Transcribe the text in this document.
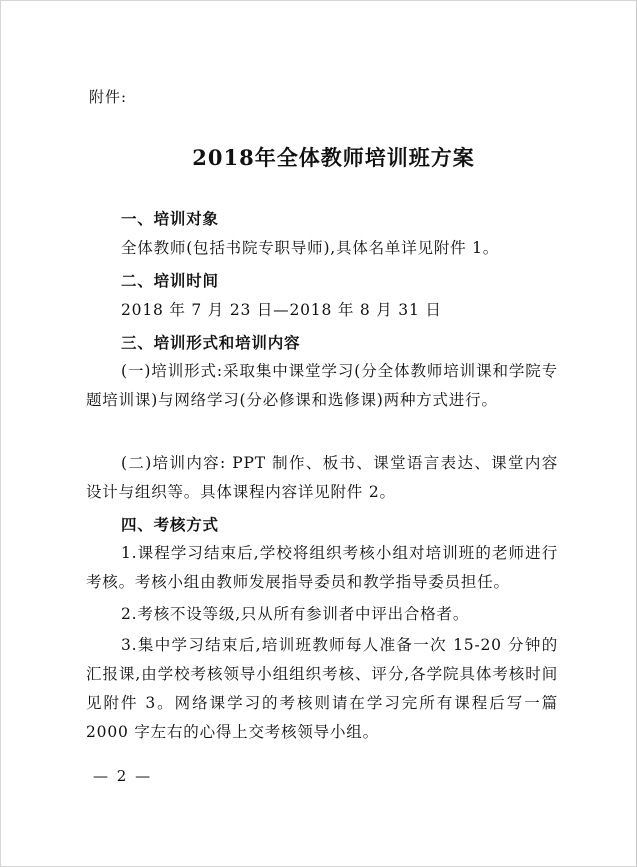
附件:
2018年全体教师培训班方案

一、培训对象

全体教师(包括书院专职导师),具体名单详见附件 1。

二、培训时间

2018 年 7 月 23 日—2018 年 8 月 31 日

三、培训形式和培训内容

(一)培训形式:采取集中课堂学习(分全体教师培训课和学院专题培训课)与网络学习(分必修课和选修课)两种方式进行。

(二)培训内容: PPT 制作、板书、课堂语言表达、课堂内容设计与组织等。具体课程内容详见附件 2。

四、考核方式

1.课程学习结束后,学校将组织考核小组对培训班的老师进行考核。考核小组由教师发展指导委员和教学指导委员担任。

2.考核不设等级,只从所有参训者中评出合格者。

3.集中学习结束后,培训班教师每人准备一次 15-20 分钟的汇报课,由学校考核领导小组组织考核、评分,各学院具体考核时间见附件 3。网络课学习的考核则请在学习完所有课程后写一篇 2000 字左右的心得上交考核领导小组。

— 2 —
